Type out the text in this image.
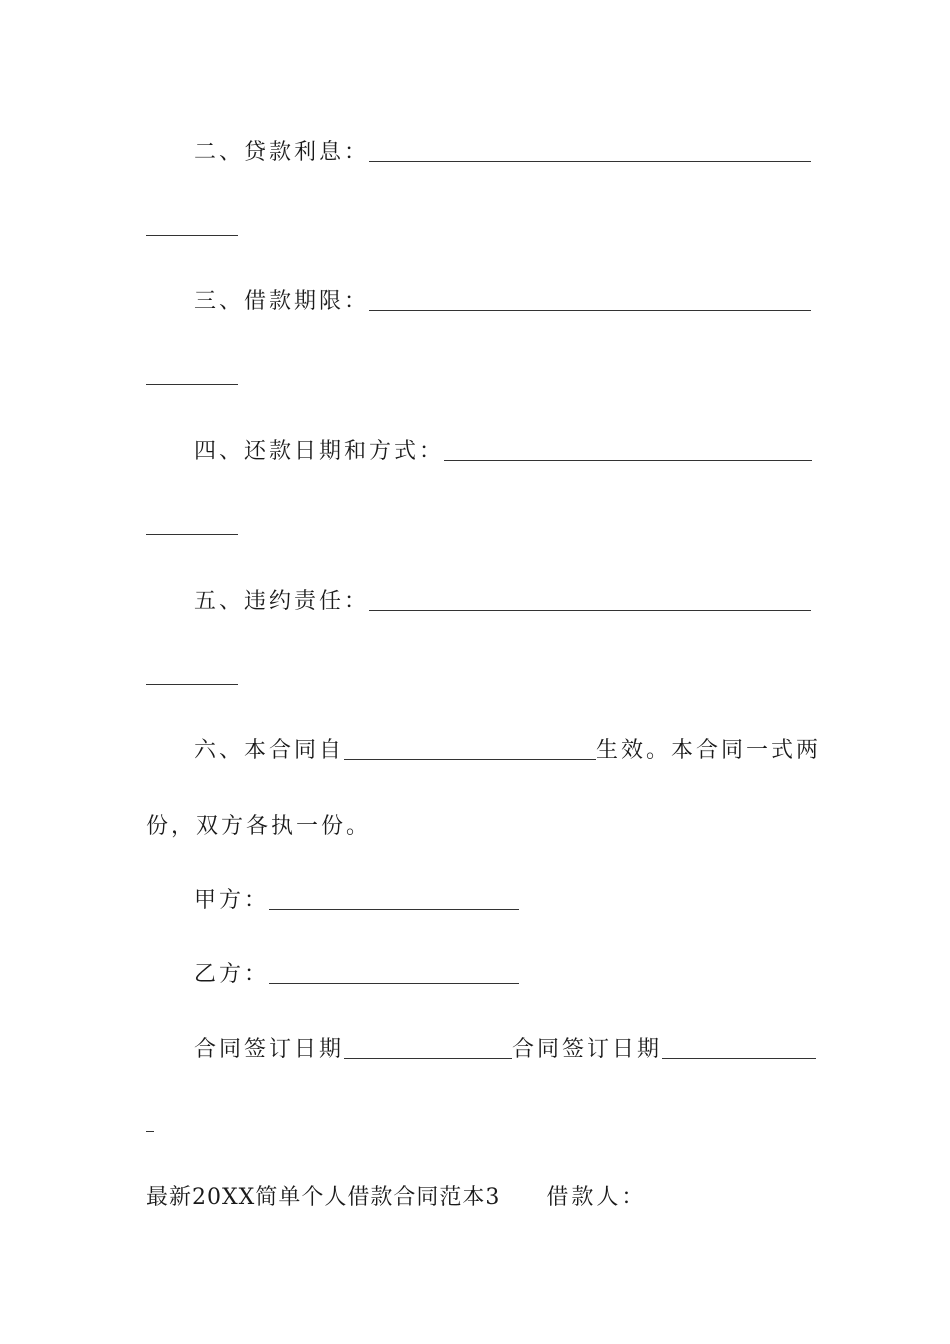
二、贷款利息：
三、借款期限：
四、还款日期和方式：
五、违约责任：
六、本合同自	生效。本合同一式两
份，双方各执一份。
甲方：
乙方：
合同签订日期	合同签订日期
最新20XX简单个人借款合同范本3 借款人：
